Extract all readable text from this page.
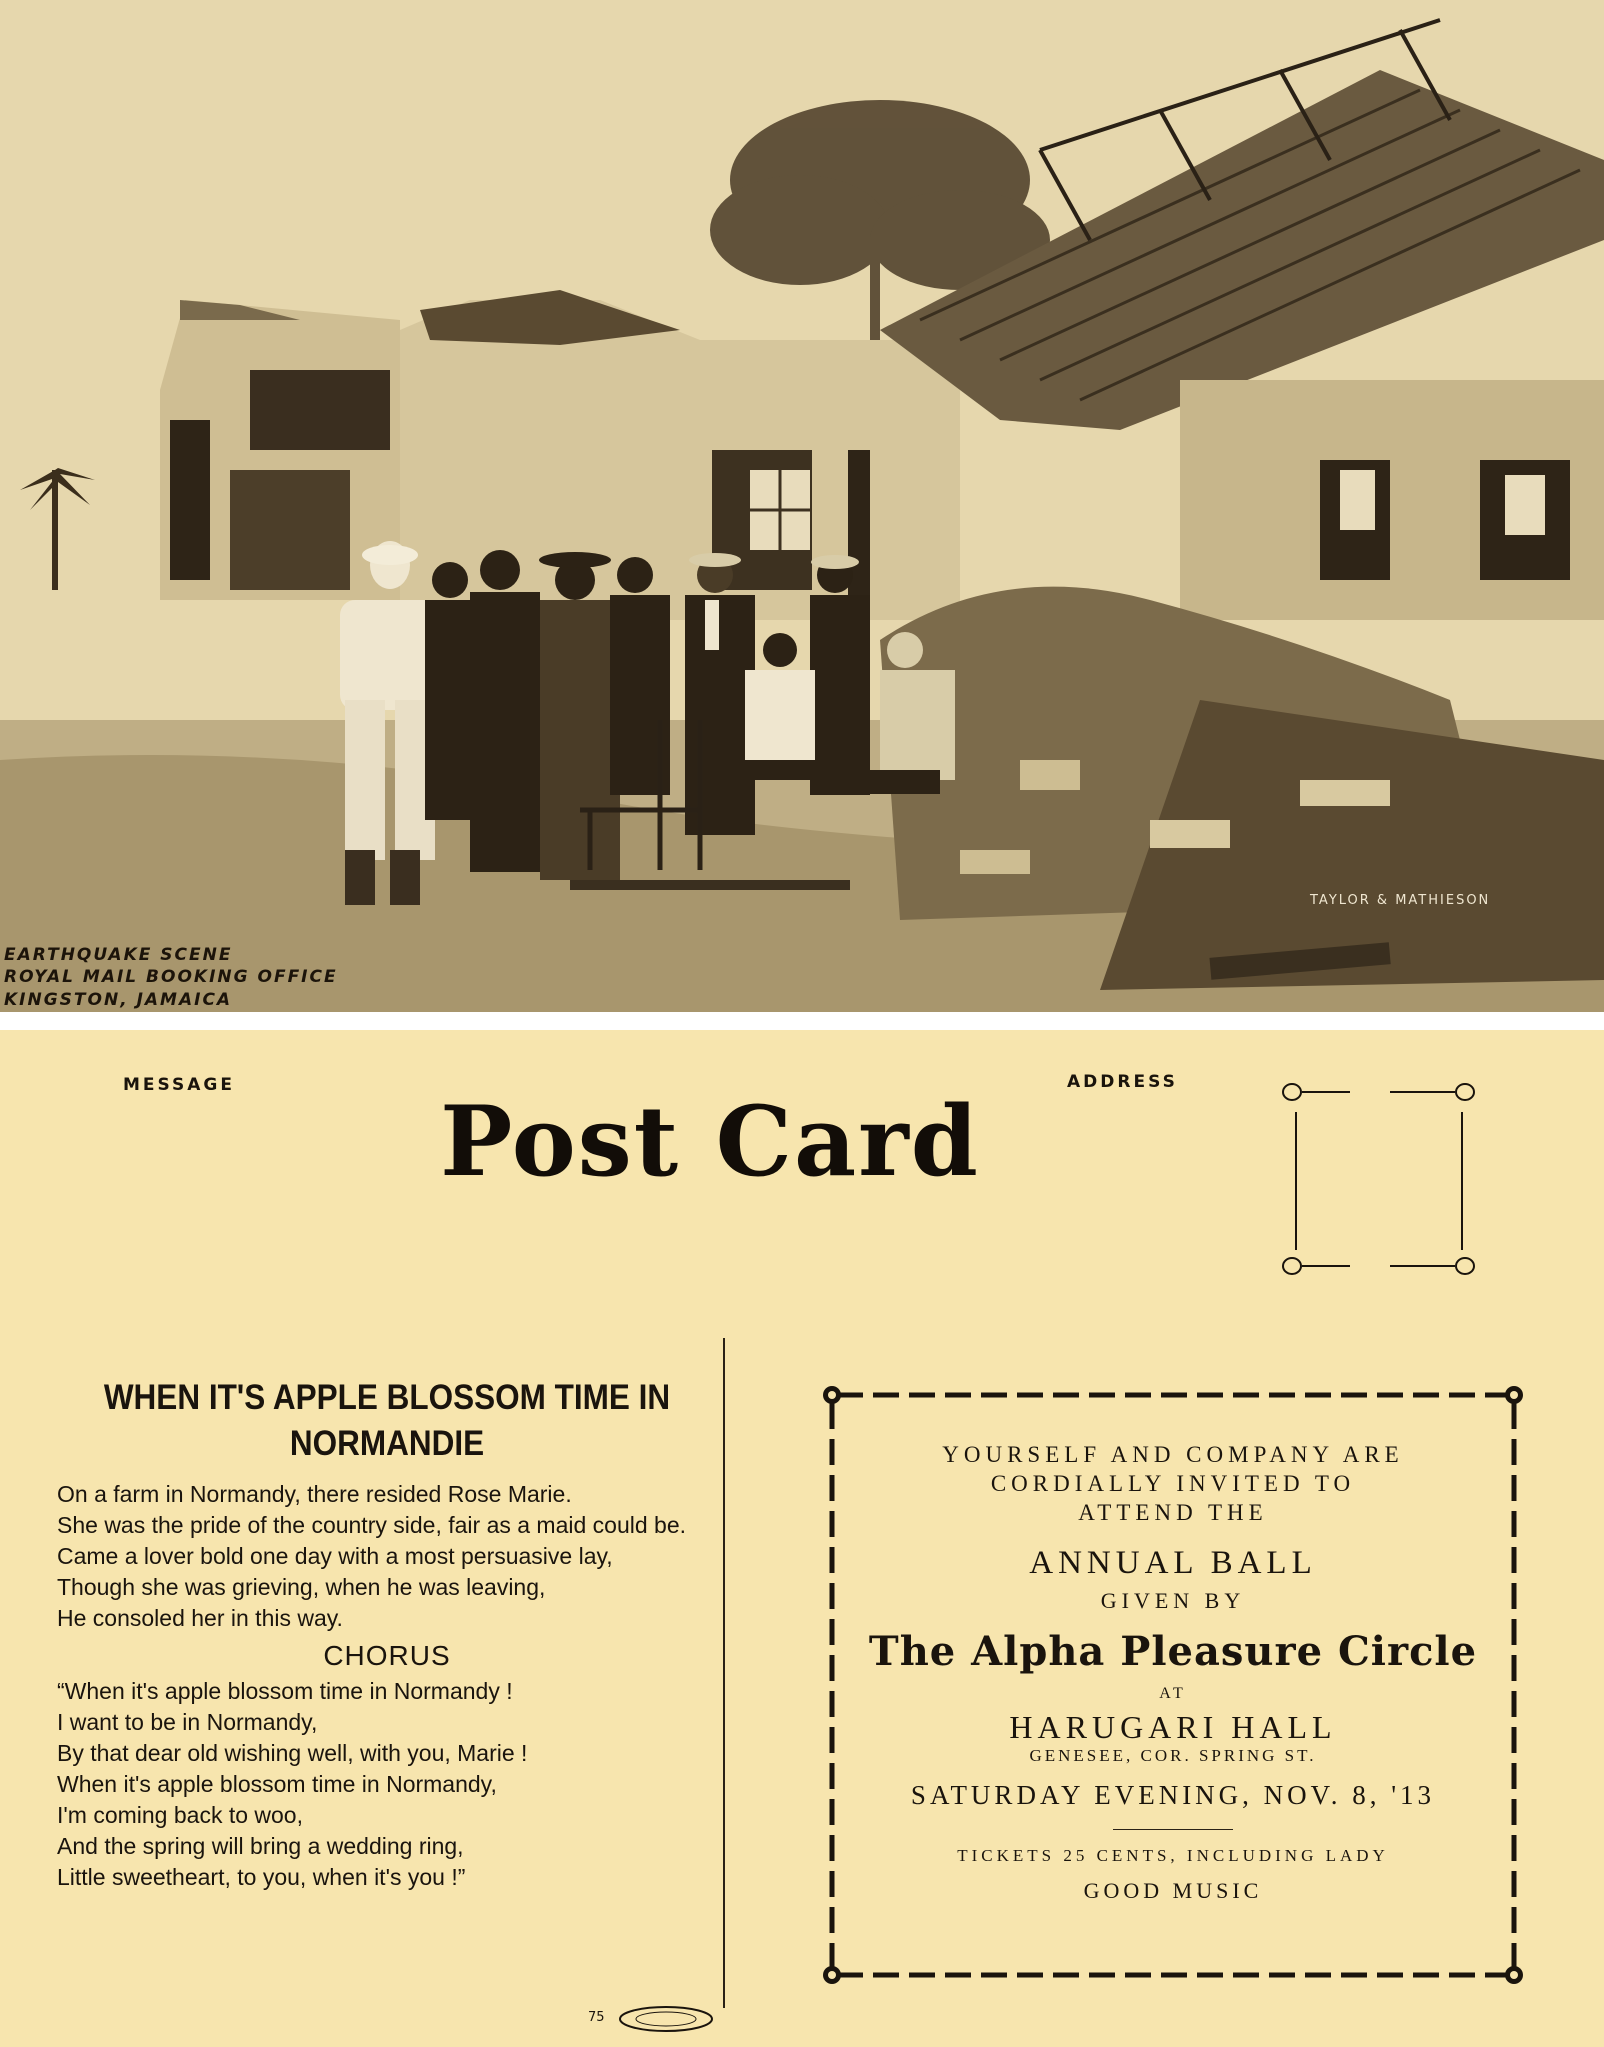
EARTHQUAKE SCENE
ROYAL MAIL BOOKING OFFICE
KINGSTON, JAMAICA
TAYLOR & MATHIESON
MESSAGE	ADDRESS
Post Card
WHEN IT'S APPLE BLOSSOM TIME IN NORMANDIE

On a farm in Normandy, there resided Rose Marie.

She was the pride of the country side, fair as a maid could be.

Came a lover bold one day with a most persuasive lay,

Though she was grieving, when he was leaving,

He consoled her in this way.

CHORUS

“When it's apple blossom time in Normandy !

I want to be in Normandy,

By that dear old wishing well, with you, Marie !

When it's apple blossom time in Normandy,

I'm coming back to woo,

And the spring will bring a wedding ring,

Little sweetheart, to you, when it's you !”

YOURSELF AND COMPANY ARE

CORDIALLY INVITED TO

ATTEND THE

ANNUAL BALL

GIVEN BY

The Alpha Pleasure Circle

AT

HARUGARI HALL

GENESEE, COR. SPRING ST.

SATURDAY EVENING, NOV. 8, '13

TICKETS 25 CENTS, INCLUDING LADY

GOOD MUSIC

75
